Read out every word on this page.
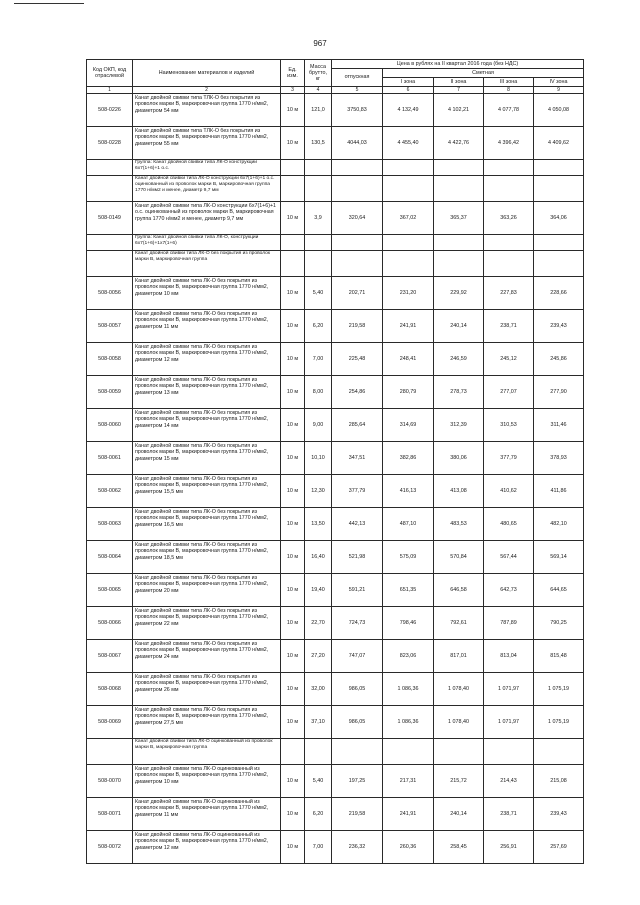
967
Код ОКП, код отраслевой	Наименование материалов и изделий	Ед. изм.	Масса брутто, кг	Цена в рублях на II квартал 2016 года (без НДС)				
				отпускная	Сметная			
					I зона	II зона	III зона	IV зона
1	2	3	4	5	6	7	8	9
508-0226	Канат двойной свивки типа ТЛК-О без покрытия из проволок марки В, маркировочная группа 1770 н/мм2, диаметром 54 мм	10 м	121,0	3750,83	4 132,49	4 102,21	4 077,78	4 050,08
508-0228	Канат двойной свивки типа ТЛК-О без покрытия из проволок марки В, маркировочная группа 1770 н/мм2, диаметром 55 мм	10 м	130,5	4044,03	4 455,40	4 422,76	4 396,42	4 409,62
	Группа: Канат двойной свивки типа ЛК-О конструкции 6х7(1+6)+1 о.с.							
	Канат двойной свивки типа ЛК-О конструкции 6х7(1+6)+1 о.с. оцинкованный из проволок марки В, маркировочная группа 1770 н/мм2 и менее, диаметр 9,7 мм							
508-0149	Канат двойной свивки типа ЛК-О конструкции 6х7(1+6)+1 о.с. оцинкованный из проволок марки В, маркировочная группа 1770 н/мм2 и менее, диаметр 9,7 мм	10 м	3,9	320,64	367,02	365,37	363,26	364,06
	Группа: Канат двойной свивки типа ЛК-О, конструкции 6х7(1+6)+1х7(1+6)							
	Канат двойной свивки типа ЛК-О без покрытия из проволок марки В, маркировочная группа							
508-0056	Канат двойной свивки типа ЛК-О без покрытия из проволок марки В, маркировочная группа 1770 н/мм2, диаметром 10 мм	10 м	5,40	202,71	231,20	229,92	227,83	228,66
508-0057	Канат двойной свивки типа ЛК-О без покрытия из проволок марки В, маркировочная группа 1770 н/мм2, диаметром 11 мм	10 м	6,20	219,58	241,91	240,14	238,71	239,43
508-0058	Канат двойной свивки типа ЛК-О без покрытия из проволок марки В, маркировочная группа 1770 н/мм2, диаметром 12 мм	10 м	7,00	225,48	248,41	246,59	245,12	245,86
508-0059	Канат двойной свивки типа ЛК-О без покрытия из проволок марки В, маркировочная группа 1770 н/мм2, диаметром 13 мм	10 м	8,00	254,86	280,79	278,73	277,07	277,90
508-0060	Канат двойной свивки типа ЛК-О без покрытия из проволок марки В, маркировочная группа 1770 н/мм2, диаметром 14 мм	10 м	9,00	285,64	314,69	312,39	310,53	311,46
508-0061	Канат двойной свивки типа ЛК-О без покрытия из проволок марки В, маркировочная группа 1770 н/мм2, диаметром 15 мм	10 м	10,10	347,51	382,86	380,06	377,79	378,93
508-0062	Канат двойной свивки типа ЛК-О без покрытия из проволок марки В, маркировочная группа 1770 н/мм2, диаметром 15,5 мм	10 м	12,30	377,79	416,13	413,08	410,62	411,86
508-0063	Канат двойной свивки типа ЛК-О без покрытия из проволок марки В, маркировочная группа 1770 н/мм2, диаметром 16,5 мм	10 м	13,50	442,13	487,10	483,53	480,65	482,10
508-0064	Канат двойной свивки типа ЛК-О без покрытия из проволок марки В, маркировочная группа 1770 н/мм2, диаметром 18,5 мм	10 м	16,40	521,98	575,09	570,84	567,44	569,14
508-0065	Канат двойной свивки типа ЛК-О без покрытия из проволок марки В, маркировочная группа 1770 н/мм2, диаметром 20 мм	10 м	19,40	591,21	651,35	646,58	642,73	644,65
508-0066	Канат двойной свивки типа ЛК-О без покрытия из проволок марки В, маркировочная группа 1770 н/мм2, диаметром 22 мм	10 м	22,70	724,73	798,46	792,61	787,89	790,25
508-0067	Канат двойной свивки типа ЛК-О без покрытия из проволок марки В, маркировочная группа 1770 н/мм2, диаметром 24 мм	10 м	27,20	747,07	823,06	817,01	813,04	815,48
508-0068	Канат двойной свивки типа ЛК-О без покрытия из проволок марки В, маркировочная группа 1770 н/мм2, диаметром 26 мм	10 м	32,00	986,05	1 086,36	1 078,40	1 071,97	1 075,19
508-0069	Канат двойной свивки типа ЛК-О без покрытия из проволок марки В, маркировочная группа 1770 н/мм2, диаметром 27,5 мм	10 м	37,10	986,05	1 086,36	1 078,40	1 071,97	1 075,19
	Канат двойной свивки типа ЛК-О оцинкованный из проволок марки В, маркировочная группа							
508-0070	Канат двойной свивки типа ЛК-О оцинкованный из проволок марки В, маркировочная группа 1770 н/мм2, диаметром 10 мм	10 м	5,40	197,25	217,31	215,72	214,43	215,08
508-0071	Канат двойной свивки типа ЛК-О оцинкованный из проволок марки В, маркировочная группа 1770 н/мм2, диаметром 11 мм	10 м	6,20	219,58	241,91	240,14	238,71	239,43
508-0072	Канат двойной свивки типа ЛК-О оцинкованный из проволок марки В, маркировочная группа 1770 н/мм2, диаметром 12 мм	10 м	7,00	236,32	260,36	258,45	256,91	257,69
